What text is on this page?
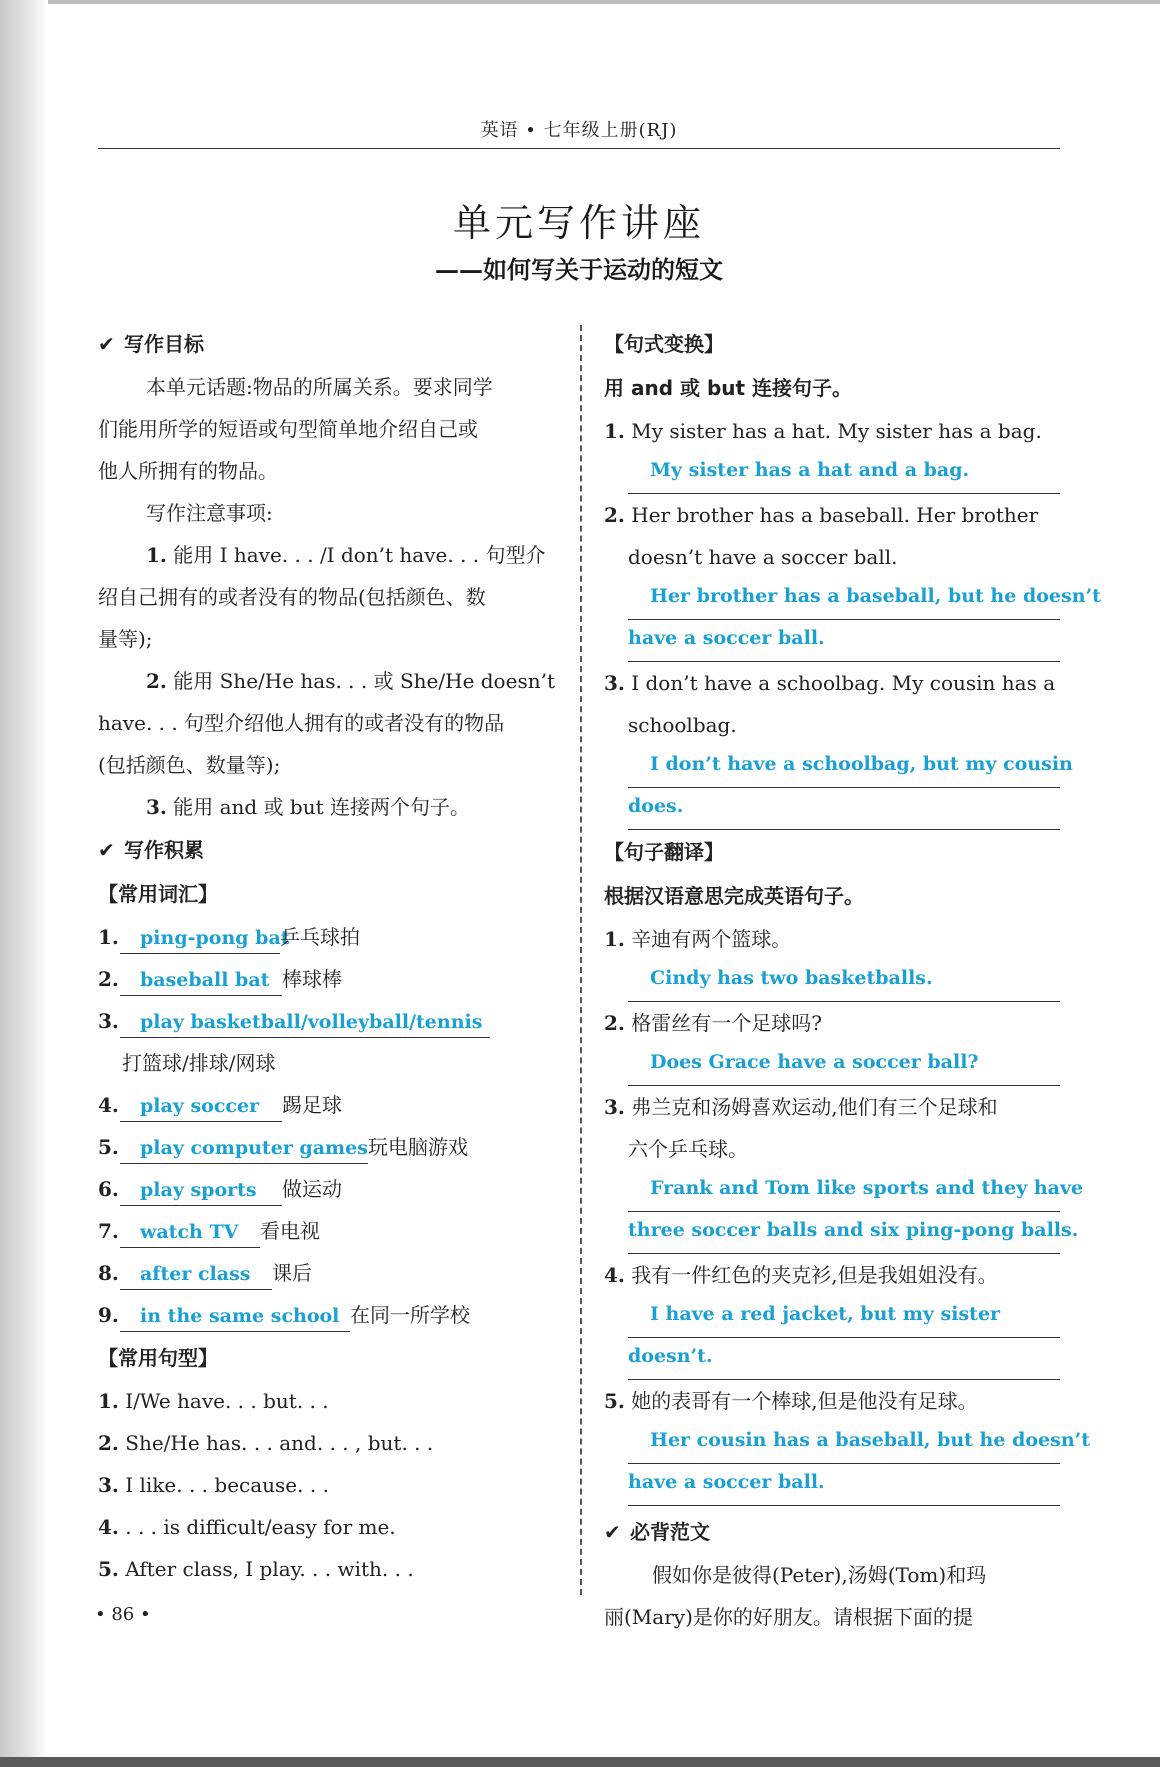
英语 • 七年级上册(RJ)
单元写作讲座
——如何写关于运动的短文
✔ 写作目标
本单元话题:物品的所属关系。要求同学
们能用所学的短语或句型简单地介绍自己或
他人所拥有的物品。
写作注意事项:
1. 能用 I have. . . /I don’t have. . . 句型介
绍自己拥有的或者没有的物品(包括颜色、数
量等);
2. 能用 She/He has. . . 或 She/He doesn’t
have. . . 句型介绍他人拥有的或者没有的物品
(包括颜色、数量等);
3. 能用 and 或 but 连接两个句子。
✔ 写作积累
【常用词汇】
1.	ping-pong bat
乒乓球拍
2.	baseball bat 棒球棒
3.	play basketball/volleyball/tennis
打篮球/排球/网球
4.	play soccer	踢足球
5.	play computer games 玩电脑游戏
6.	play sports	做运动
7.	watch TV	看电视
8.	after class	课后
9.	in the same school 在同一所学校
【常用句型】
1. I/We have. . . but. . .
2. She/He has. . . and. . . , but. . .
3. I like. . . because. . .
4. . . . is difficult/easy for me.
5. After class, I play. . . with. . .
【句式变换】
用 and 或 but 连接句子。
1. My sister has a hat. My sister has a bag.
My sister has a hat and a bag.
2. Her brother has a baseball. Her brother
doesn’t have a soccer ball.
Her brother has a baseball, but he doesn’t
have a soccer ball.
3. I don’t have a schoolbag. My cousin has a
schoolbag.
I don’t have a schoolbag, but my cousin
does.
【句子翻译】
根据汉语意思完成英语句子。
1. 辛迪有两个篮球。
Cindy has two basketballs.
2. 格雷丝有一个足球吗?
Does Grace have a soccer ball?
3. 弗兰克和汤姆喜欢运动,他们有三个足球和
六个乒乓球。
Frank and Tom like sports and they have
three soccer balls and six ping-pong balls.
4. 我有一件红色的夹克衫,但是我姐姐没有。
I have a red jacket, but my sister
doesn’t.
5. 她的表哥有一个棒球,但是他没有足球。
Her cousin has a baseball, but he doesn’t
have a soccer ball.
✔ 必背范文
假如你是彼得(Peter),汤姆(Tom)和玛
丽(Mary)是你的好朋友。请根据下面的提
• 86 •
